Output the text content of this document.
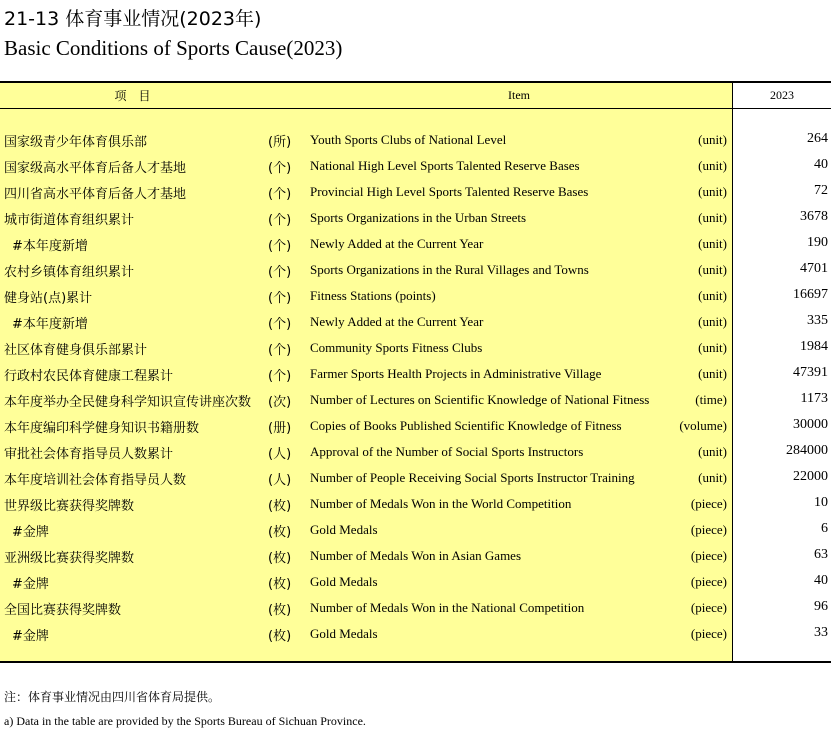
21-13 体育事业情况(2023年)
Basic Conditions of Sports Cause(2023)
项　目	Item	2023
国家级青少年体育俱乐部	(所) Youth Sports Clubs of National Level	(unit)	264
国家级高水平体育后备人才基地	(个) National High Level Sports Talented Reserve Bases	(unit)	40
四川省高水平体育后备人才基地	(个) Provincial High Level Sports Talented Reserve Bases	(unit)	72
城市街道体育组织累计	(个) Sports Organizations in the Urban Streets	(unit)	3678
#本年度新增	(个) Newly Added at the Current Year	(unit)	190
农村乡镇体育组织累计	(个) Sports Organizations in the Rural Villages and Towns	(unit)	4701
健身站(点)累计	(个) Fitness Stations (points)	(unit)	16697
#本年度新增	(个) Newly Added at the Current Year	(unit)	335
社区体育健身俱乐部累计	(个) Community Sports Fitness Clubs	(unit)	1984
行政村农民体育健康工程累计	(个) Farmer Sports Health Projects in Administrative Village	(unit)	47391
本年度举办全民健身科学知识宣传讲座次数 (次) Number of Lectures on Scientific Knowledge of National Fitness	(time)	1173
本年度编印科学健身知识书籍册数	(册) Copies of Books Published Scientific Knowledge of Fitness	(volume)	30000
审批社会体育指导员人数累计	(人) Approval of the Number of Social Sports Instructors	(unit)	284000
本年度培训社会体育指导员人数	(人) Number of People Receiving Social Sports Instructor Training	(unit)	22000
世界级比赛获得奖牌数	(枚) Number of Medals Won in the World Competition	(piece)	10
#金牌	(枚) Gold Medals	(piece)	6
亚洲级比赛获得奖牌数	(枚) Number of Medals Won in Asian Games	(piece)	63
#金牌	(枚) Gold Medals	(piece)	40
全国比赛获得奖牌数	(枚) Number of Medals Won in the National Competition	(piece)	96
#金牌	(枚) Gold Medals	(piece)	33
注：体育事业情况由四川省体育局提供。
a) Data in the table are provided by the Sports Bureau of Sichuan Province.
